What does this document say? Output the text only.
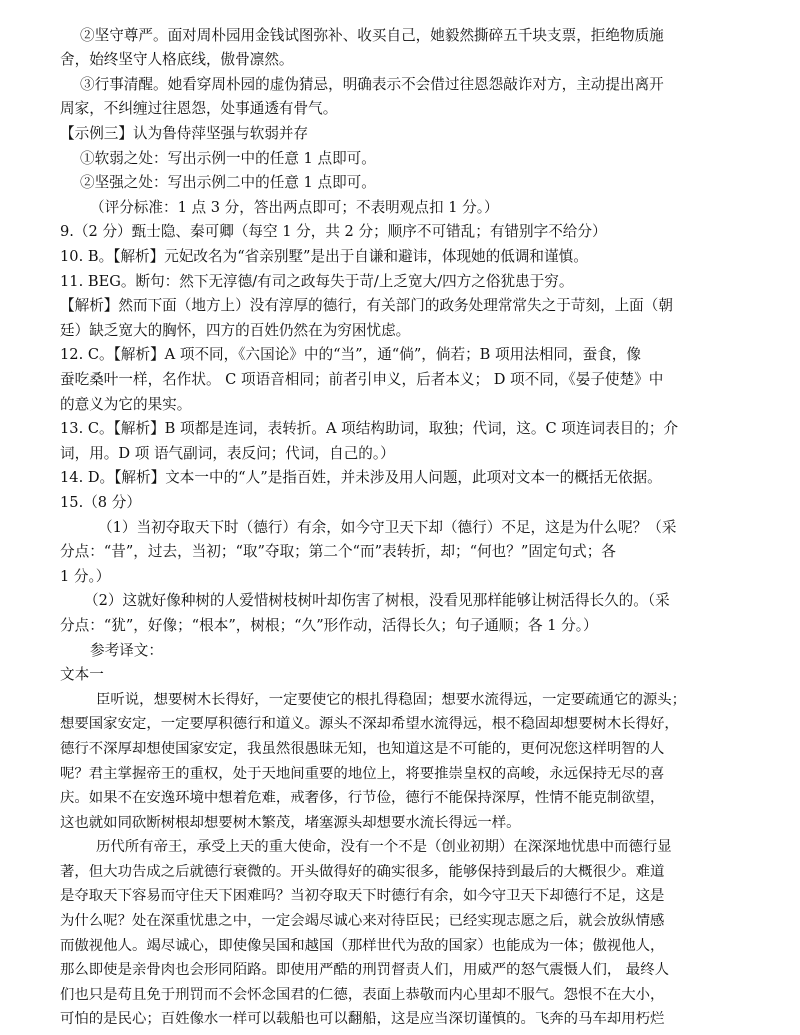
②坚守尊严。面对周朴园用金钱试图弥补、收买自己，她毅然撕碎五千块支票，拒绝物质施
舍，始终坚守人格底线，傲骨凛然。
③行事清醒。她看穿周朴园的虚伪猜忌，明确表示不会借过往恩怨敲诈对方，主动提出离开
周家，不纠缠过往恩怨，处事通透有骨气。
【示例三】认为鲁侍萍坚强与软弱并存
①软弱之处：写出示例一中的任意 1 点即可。
②坚强之处：写出示例二中的任意 1 点即可。
（评分标准：1 点 3 分，答出两点即可；不表明观点扣 1 分。）
9.（2 分）甄士隐、秦可卿（每空 1 分，共 2 分；顺序不可错乱；有错别字不给分）
10. B。【解析】元妃改名为“省亲别墅”是出于自谦和避讳，体现她的低调和谨慎。
11. BEG。断句：然下无淳德/有司之政每失于苛/上乏宽大/四方之俗犹患于穷。
【解析】然而下面（地方上）没有淳厚的德行，有关部门的政务处理常常失之于苛刻，上面（朝
廷）缺乏宽大的胸怀，四方的百姓仍然在为穷困忧虑。
12. C。【解析】A 项不同，《六国论》中的“当”，通“倘”，倘若；B 项用法相同，蚕食，像
蚕吃桑叶一样，名作状。 C 项语音相同；前者引申义，后者本义； D 项不同，《晏子使楚》中
的意义为它的果实。
13. C。【解析】B 项都是连词，表转折。A 项结构助词，取独；代词，这。C 项连词表目的；介
词，用。D 项 语气副词，表反问；代词，自己的。）
14. D。【解析】文本一中的“人”是指百姓，并未涉及用人问题，此项对文本一的概括无依据。
15.（8 分）
（1）当初夺取天下时（德行）有余，如今守卫天下却（德行）不足，这是为什么呢？（采
分点：“昔”，过去，当初；“取”夺取；第二个“而”表转折，却；“何也？”固定句式；各
1 分。）
（2）这就好像种树的人爱惜树枝树叶却伤害了树根，没看见那样能够让树活得长久的。（采
分点：“犹”，好像；“根本”，树根；“久”形作动，活得长久；句子通顺；各 1 分。）
参考译文：
文本一
臣听说，想要树木长得好，一定要使它的根扎得稳固；想要水流得远，一定要疏通它的源头；
想要国家安定，一定要厚积德行和道义。源头不深却希望水流得远，根不稳固却想要树木长得好，
德行不深厚却想使国家安定，我虽然很愚昧无知，也知道这是不可能的，更何况您这样明智的人
呢？君主掌握帝王的重权，处于天地间重要的地位上，将要推崇皇权的高峻，永远保持无尽的喜
庆。如果不在安逸环境中想着危难，戒奢侈，行节俭，德行不能保持深厚，性情不能克制欲望，
这也就如同砍断树根却想要树木繁茂，堵塞源头却想要水流长得远一样。
历代所有帝王，承受上天的重大使命，没有一个不是（创业初期）在深深地忧患中而德行显
著，但大功告成之后就德行衰微的。开头做得好的确实很多，能够保持到最后的大概很少。难道
是夺取天下容易而守住天下困难吗？当初夺取天下时德行有余，如今守卫天下却德行不足，这是
为什么呢？处在深重忧患之中，一定会竭尽诚心来对待臣民；已经实现志愿之后，就会放纵情感
而傲视他人。竭尽诚心，即使像吴国和越国（那样世代为敌的国家）也能成为一体；傲视他人，
那么即使是亲骨肉也会形同陌路。即使用严酷的刑罚督责人们，用威严的怒气震慑人们， 最终人
们也只是苟且免于刑罚而不会怀念国君的仁德，表面上恭敬而内心里却不服气。怨恨不在大小，
可怕的是民心；百姓像水一样可以载船也可以翻船，这是应当深切谨慎的。飞奔的马车却用朽烂
